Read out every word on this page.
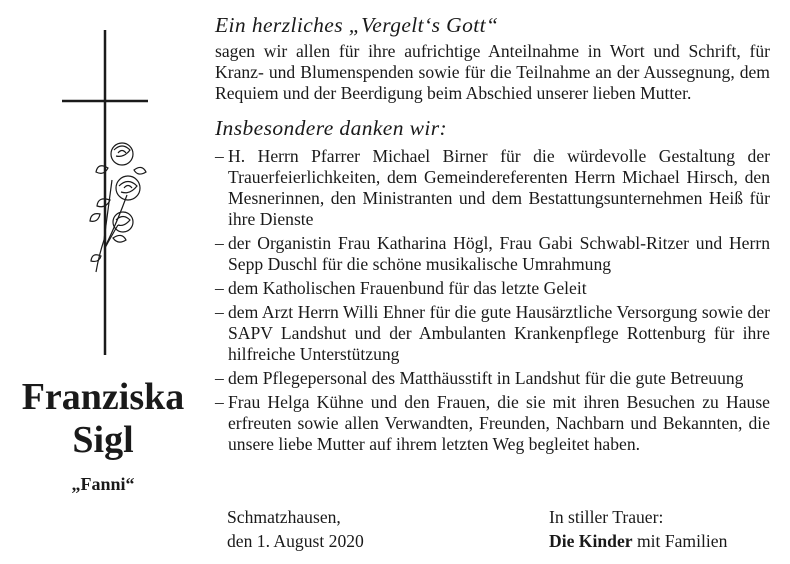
Franziska
Sigl
„Fanni“

Ein herzliches „Vergelt‘s Gott“

sagen wir allen für ihre aufrichtige Anteilnahme in Wort und Schrift, für Kranz- und Blumenspenden sowie für die Teilnahme an der Aussegnung, dem Requiem und der Beerdigung beim Abschied unserer lieben Mutter.

Insbesondere danken wir:

– H. Herrn Pfarrer Michael Birner für die würdevolle Gestaltung der Trauerfeierlichkeiten, dem Gemeindereferenten Herrn Michael Hirsch, den Mesnerinnen, den Ministranten und dem Bestattungsunternehmen Heiß für ihre Dienste
– der Organistin Frau Katharina Högl, Frau Gabi Schwabl-Ritzer und Herrn Sepp Duschl für die schöne musikalische Umrahmung
– dem Katholischen Frauenbund für das letzte Geleit
– dem Arzt Herrn Willi Ehner für die gute Hausärztliche Versorgung sowie der SAPV Landshut und der Ambulanten Krankenpflege Rottenburg für ihre hilfreiche Unterstützung
– dem Pflegepersonal des Matthäusstift in Landshut für die gute Betreuung
– Frau Helga Kühne und den Frauen, die sie mit ihren Besuchen zu Hause erfreuten sowie allen Verwandten, Freunden, Nachbarn und Bekannten, die unsere liebe Mutter auf ihrem letzten Weg begleitet haben.
Schmatzhausen,
den 1. August 2020
In stiller Trauer:
Die Kinder mit Familien
